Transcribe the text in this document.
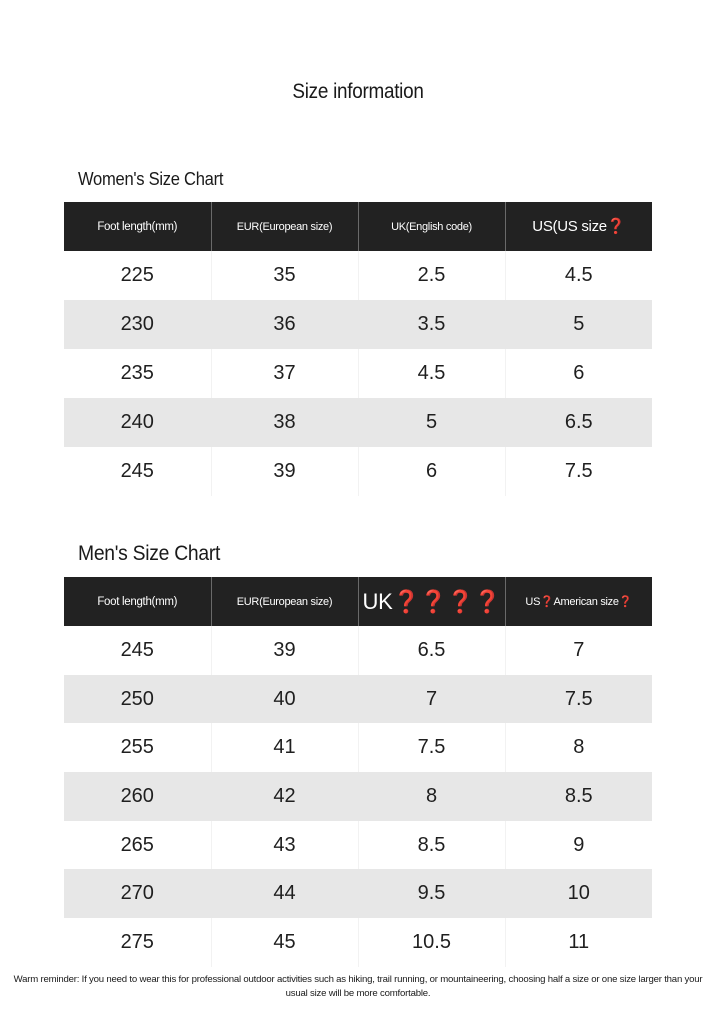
Size information
Women's Size Chart
Foot length(mm)	EUR(European size)	UK(English code)	US(US size❓
225	35	2.5	4.5
230	36	3.5	5
235	37	4.5	6
240	38	5	6.5
245	39	6	7.5
Men's Size Chart
Foot length(mm)	EUR(European size)	UK❓❓❓❓	US❓American size❓
245	39	6.5	7
250	40	7	7.5
255	41	7.5	8
260	42	8	8.5
265	43	8.5	9
270	44	9.5	10
275	45	10.5	11
Warm reminder: If you need to wear this for professional outdoor activities such as hiking, trail running, or mountaineering, choosing half a size or one size larger than your usual size will be more comfortable.
